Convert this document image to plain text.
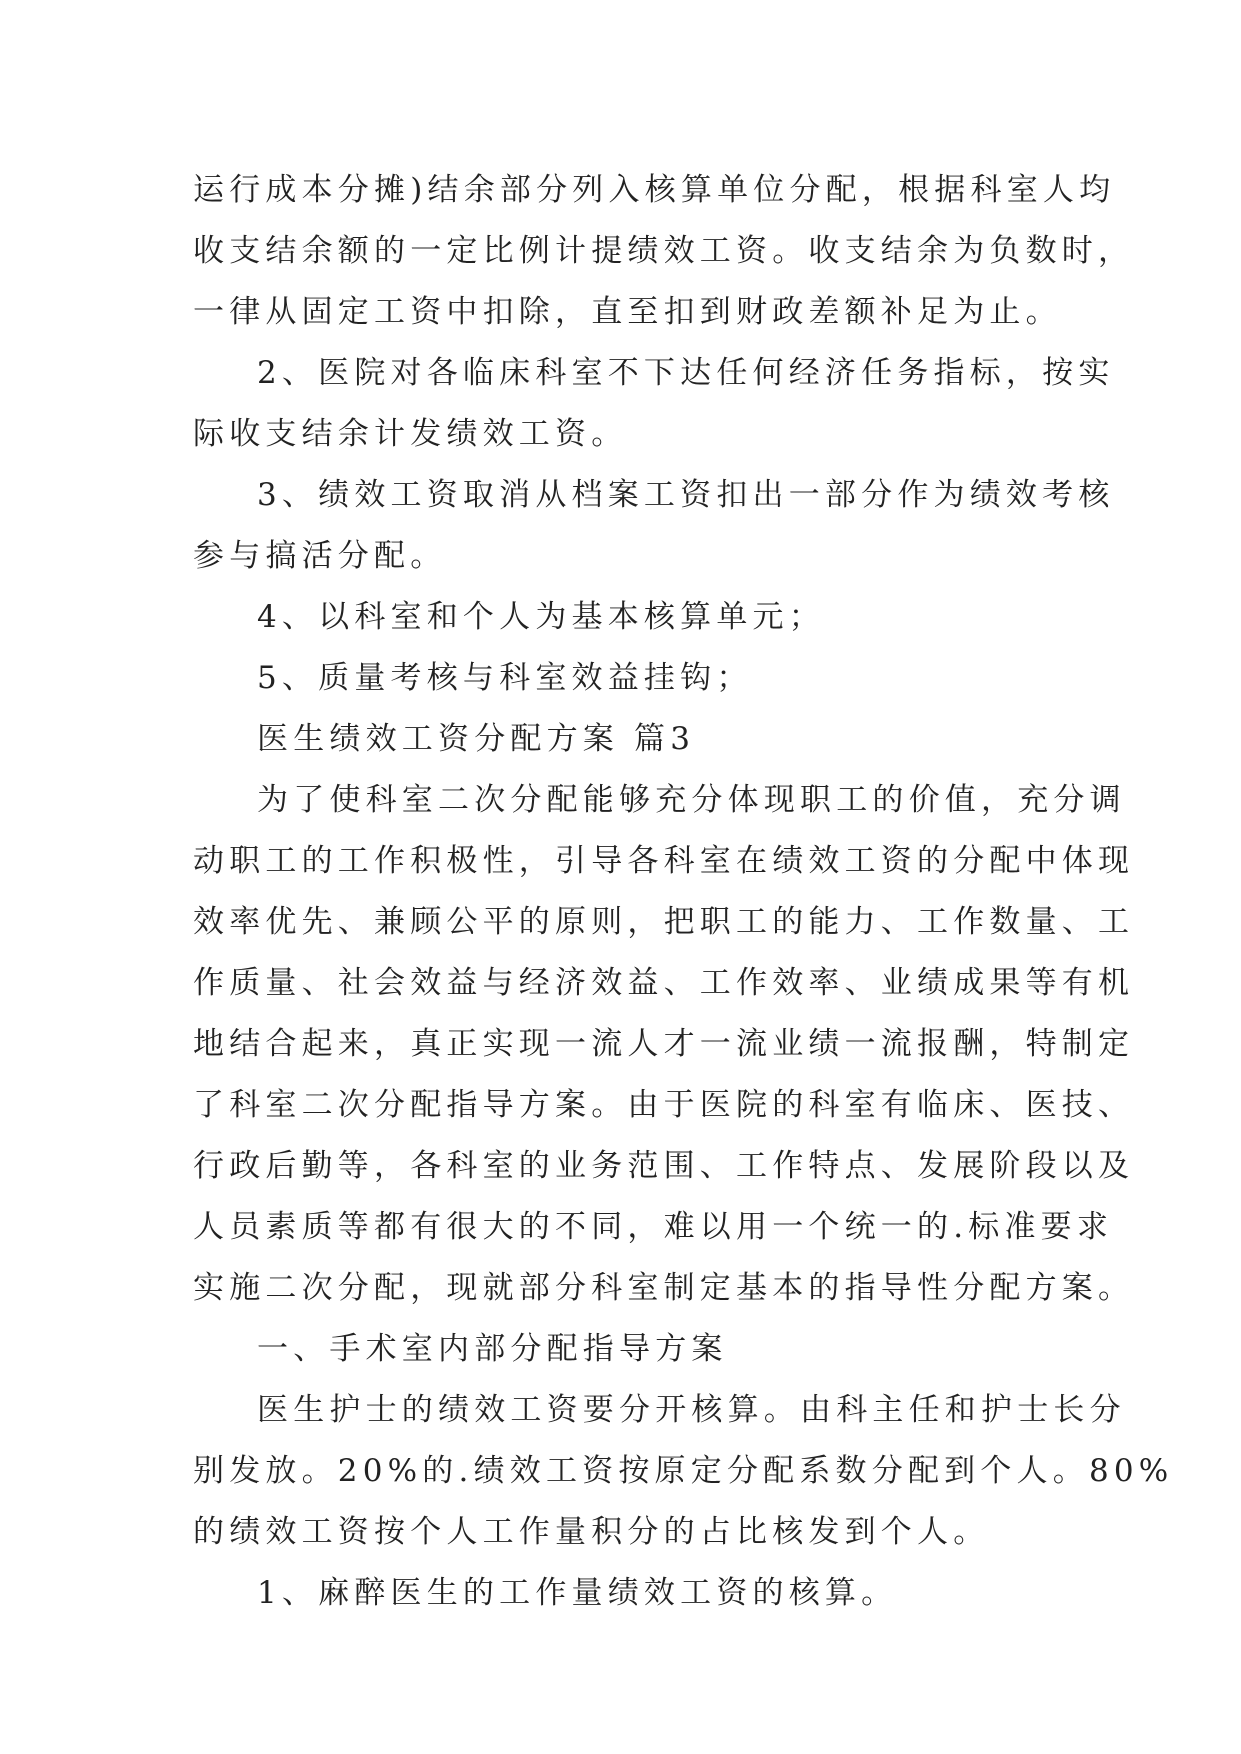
运行成本分摊)结余部分列入核算单位分配，根据科室人均
收支结余额的一定比例计提绩效工资。收支结余为负数时，
一律从固定工资中扣除，直至扣到财政差额补足为止。

2、医院对各临床科室不下达任何经济任务指标，按实
际收支结余计发绩效工资。

3、绩效工资取消从档案工资扣出一部分作为绩效考核
参与搞活分配。

4、以科室和个人为基本核算单元；

5、质量考核与科室效益挂钩；

医生绩效工资分配方案 篇3

为了使科室二次分配能够充分体现职工的价值，充分调
动职工的工作积极性，引导各科室在绩效工资的分配中体现
效率优先、兼顾公平的原则，把职工的能力、工作数量、工
作质量、社会效益与经济效益、工作效率、业绩成果等有机
地结合起来，真正实现一流人才一流业绩一流报酬，特制定
了科室二次分配指导方案。由于医院的科室有临床、医技、
行政后勤等，各科室的业务范围、工作特点、发展阶段以及
人员素质等都有很大的不同，难以用一个统一的.标准要求
实施二次分配，现就部分科室制定基本的指导性分配方案。

一、手术室内部分配指导方案

医生护士的绩效工资要分开核算。由科主任和护士长分
别发放。20%的.绩效工资按原定分配系数分配到个人。80%
的绩效工资按个人工作量积分的占比核发到个人。

1、麻醉医生的工作量绩效工资的核算。
